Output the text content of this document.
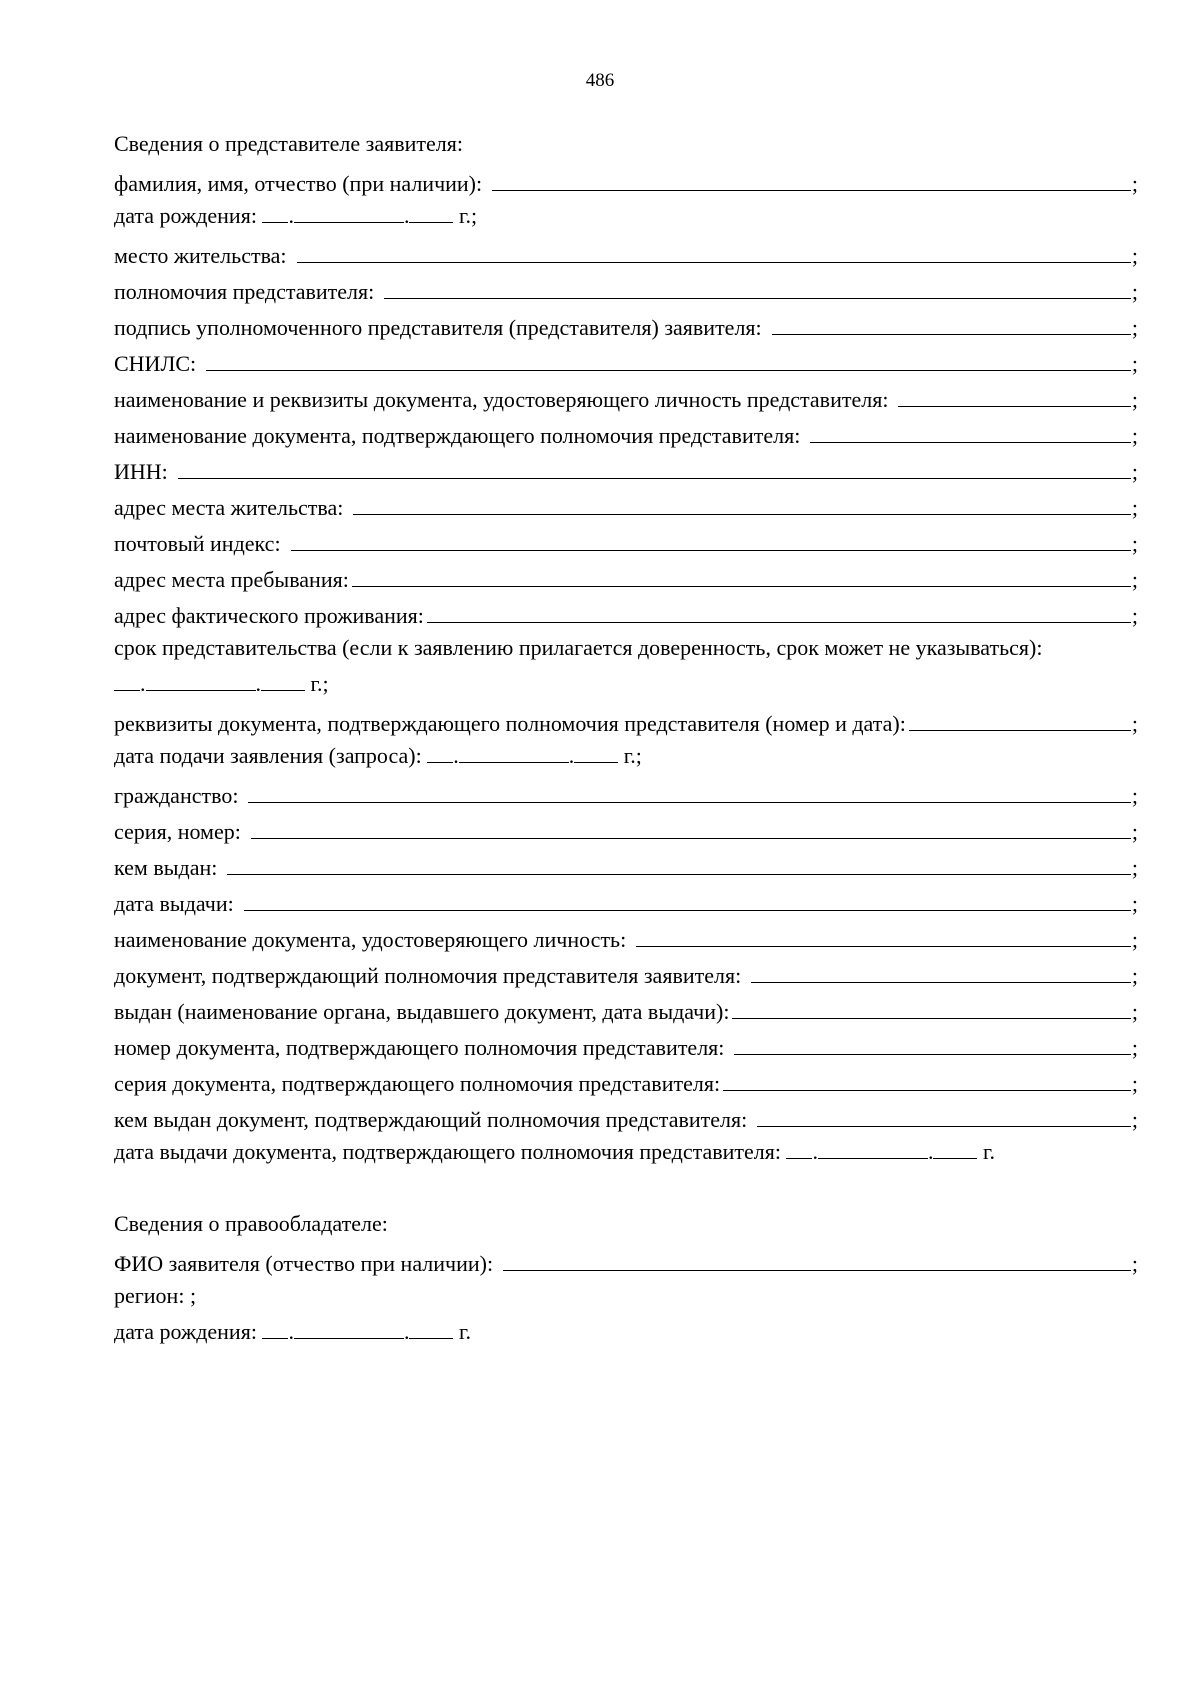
486
Сведения о представителе заявителя:
фамилия, имя, отчество (при наличии):	;
дата рождения: .	. г.;
место жительства:	;
полномочия представителя:	;
подпись уполномоченного представителя (представителя) заявителя:	;
СНИЛС:	;
наименование и реквизиты документа, удостоверяющего личность представителя:	;
наименование документа, подтверждающего полномочия представителя:	;
ИНН:	;
адрес места жительства:	;
почтовый индекс:	;
адрес места пребывания:	;
адрес фактического проживания:	;
срок представительства (если к заявлению прилагается доверенность, срок может не указываться):
.	. г.;
реквизиты документа, подтверждающего полномочия представителя (номер и дата):	;
дата подачи заявления (запроса): .	. г.;
гражданство:	;
серия, номер:	;
кем выдан:	;
дата выдачи:	;
наименование документа, удостоверяющего личность:	;
документ, подтверждающий полномочия представителя заявителя:	;
выдан (наименование органа, выдавшего документ, дата выдачи):	;
номер документа, подтверждающего полномочия представителя:	;
серия документа, подтверждающего полномочия представителя:	;
кем выдан документ, подтверждающий полномочия представителя:	;
дата выдачи документа, подтверждающего полномочия представителя: .	. г.
Сведения о правообладателе:
ФИО заявителя (отчество при наличии):	;
регион: ;
дата рождения: .	. г.
